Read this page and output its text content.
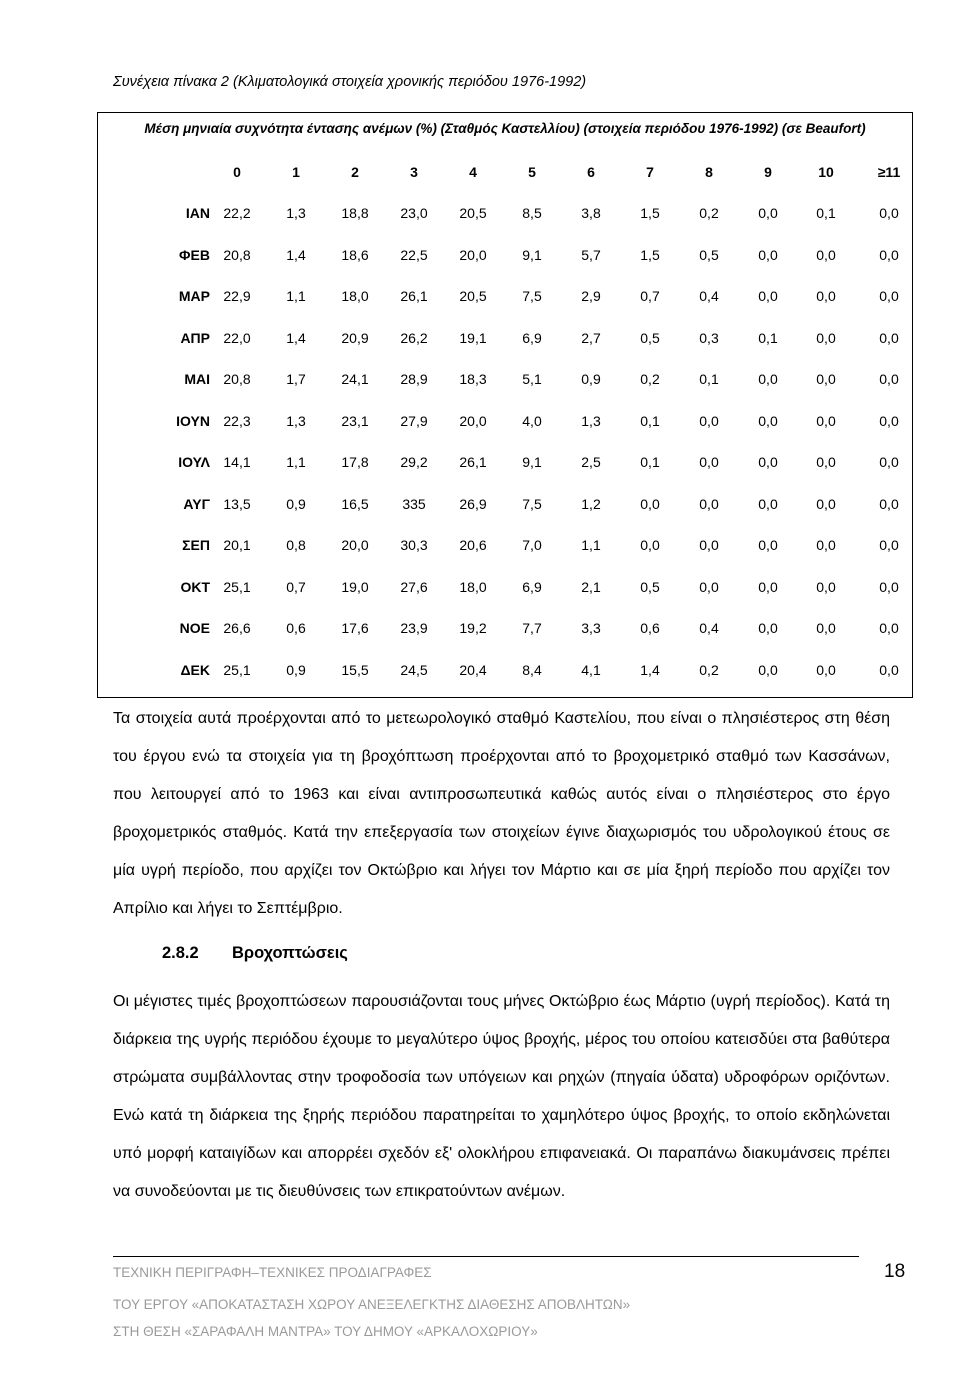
Συνέχεια πίνακα 2 (Κλιματολογικά στοιχεία χρονικής περιόδου 1976-1992)
Μέση μηνιαία συχνότητα έντασης ανέμων (%) (Σταθμός Καστελλίου) (στοιχεία περιόδου 1976-1992) (σε Beaufort)
0	1	2	3	4	5	6	7	8	9	10	≥11
ΙΑΝ 22,2	1,3	18,8	23,0	20,5	8,5	3,8	1,5	0,2	0,0	0,1	0,0
ΦΕΒ 20,8	1,4	18,6	22,5	20,0	9,1	5,7	1,5	0,5	0,0	0,0	0,0
ΜΑΡ 22,9	1,1	18,0	26,1	20,5	7,5	2,9	0,7	0,4	0,0	0,0	0,0
ΑΠΡ 22,0	1,4	20,9	26,2	19,1	6,9	2,7	0,5	0,3	0,1	0,0	0,0
ΜΑΙ 20,8	1,7	24,1	28,9	18,3	5,1	0,9	0,2	0,1	0,0	0,0	0,0
ΙΟΥΝ 22,3	1,3	23,1	27,9	20,0	4,0	1,3	0,1	0,0	0,0	0,0	0,0
ΙΟΥΛ 14,1	1,1	17,8	29,2	26,1	9,1	2,5	0,1	0,0	0,0	0,0	0,0
ΑΥΓ 13,5	0,9	16,5	335	26,9	7,5	1,2	0,0	0,0	0,0	0,0	0,0
ΣΕΠ 20,1	0,8	20,0	30,3	20,6	7,0	1,1	0,0	0,0	0,0	0,0	0,0
ΟΚΤ 25,1	0,7	19,0	27,6	18,0	6,9	2,1	0,5	0,0	0,0	0,0	0,0
ΝΟΕ 26,6	0,6	17,6	23,9	19,2	7,7	3,3	0,6	0,4	0,0	0,0	0,0
ΔΕΚ 25,1	0,9	15,5	24,5	20,4	8,4	4,1	1,4	0,2	0,0	0,0	0,0
Τα στοιχεία αυτά προέρχονται από το μετεωρολογικό σταθμό Καστελίου, που είναι ο πλησιέστερος στη θέση του έργου ενώ τα στοιχεία για τη βροχόπτωση προέρχονται από το βροχομετρικό σταθμό των Κασσάνων, που λειτουργεί από το 1963 και είναι αντιπροσωπευτικά καθώς αυτός είναι ο πλησιέστερος στο έργο βροχομετρικός σταθμός. Κατά την επεξεργασία των στοιχείων έγινε διαχωρισμός του υδρολογικού έτους σε μία υγρή περίοδο, που αρχίζει τον Οκτώβριο και λήγει τον Μάρτιο και σε μία ξηρή περίοδο που αρχίζει τον Απρίλιο και λήγει το Σεπτέμβριο.
2.8.2 Βροχοπτώσεις
Οι μέγιστες τιμές βροχοπτώσεων παρουσιάζονται τους μήνες Οκτώβριο έως Μάρτιο (υγρή περίοδος). Κατά τη διάρκεια της υγρής περιόδου έχουμε το μεγαλύτερο ύψος βροχής, μέρος του οποίου κατεισδύει στα βαθύτερα στρώματα συμβάλλοντας στην τροφοδοσία των υπόγειων και ρηχών (πηγαία ύδατα) υδροφόρων οριζόντων. Ενώ κατά τη διάρκεια της ξηρής περιόδου παρατηρείται το χαμηλότερο ύψος βροχής, το οποίο εκδηλώνεται υπό μορφή καταιγίδων και απορρέει σχεδόν εξ' ολοκλήρου επιφανειακά. Οι παραπάνω διακυμάνσεις πρέπει να συνοδεύονται με τις διευθύνσεις των επικρατούντων ανέμων.
ΤΕΧΝΙΚΗ ΠΕΡΙΓΡΑΦΗ–ΤΕΧΝΙΚΕΣ ΠΡΟΔΙΑΓΡΑΦΕΣ
ΤΟΥ ΕΡΓΟΥ «ΑΠΟΚΑΤΑΣΤΑΣΗ ΧΩΡΟΥ ΑΝΕΞΕΛΕΓΚΤΗΣ ΔΙΑΘΕΣΗΣ ΑΠΟΒΛΗΤΩΝ»
ΣΤΗ ΘΕΣΗ «ΣΑΡΑΦΑΛΗ ΜΑΝΤΡΑ» ΤΟΥ ΔΗΜΟΥ «ΑΡΚΑΛΟΧΩΡΙΟΥ»
18
